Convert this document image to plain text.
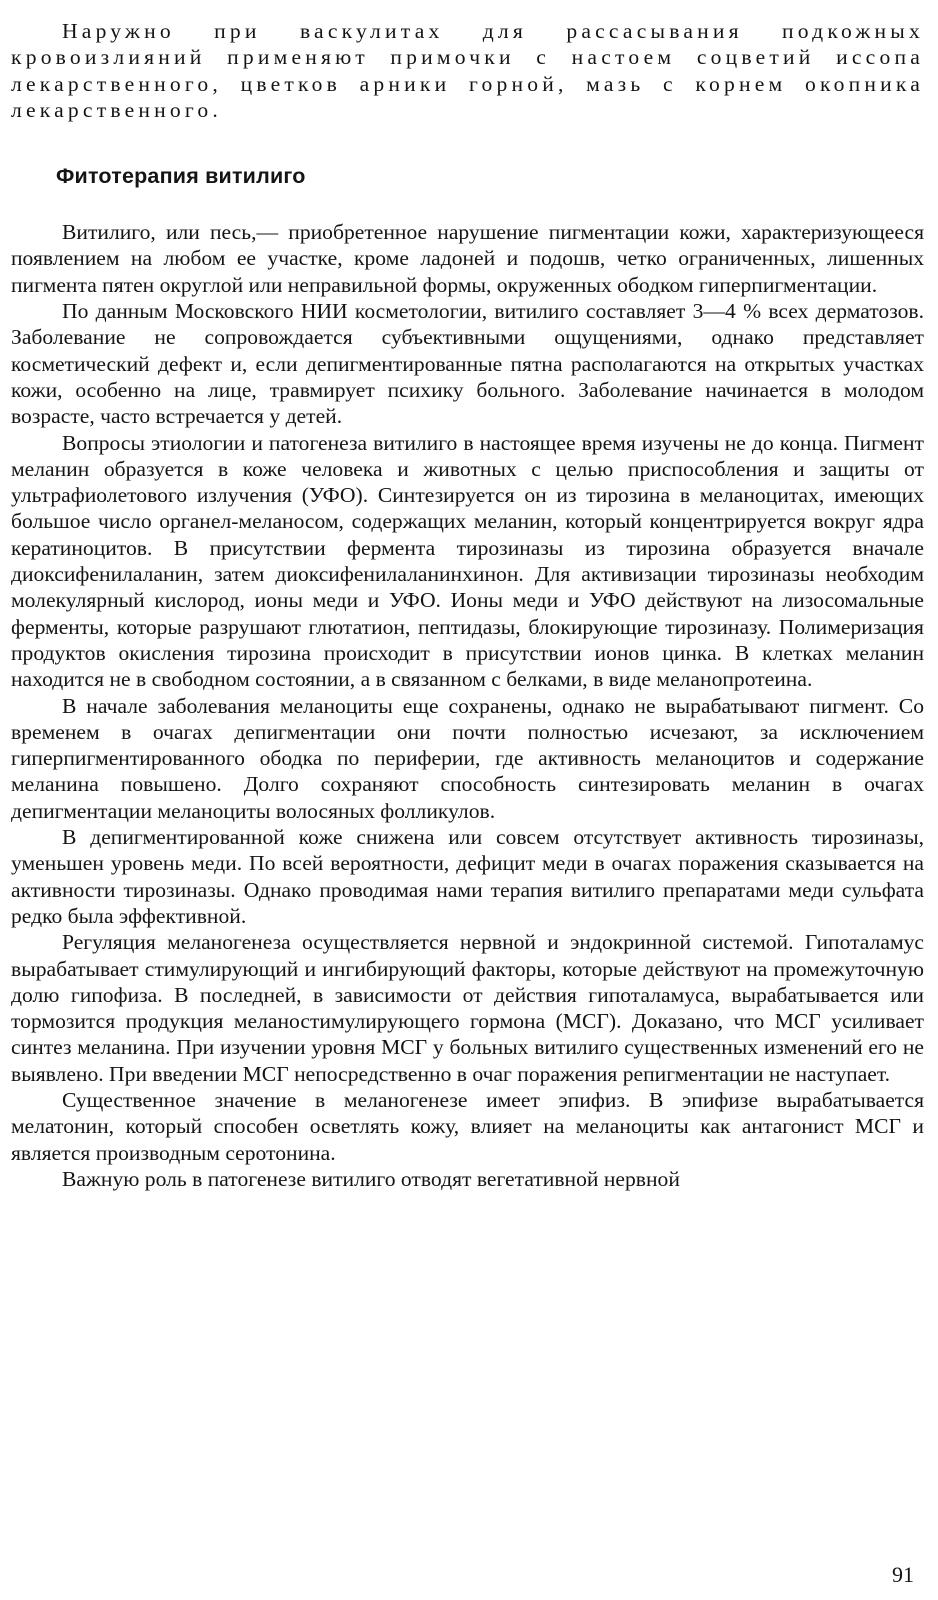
Наружно при васкулитах для рассасывания подкожных кровоизлияний применяют примочки с настоем соцветий иссопа лекарственного, цветков арники горной, мазь с корнем окопника лекарственного.

Фитотерапия витилиго

Витилиго, или песь,— приобретенное нарушение пигментации кожи, характеризующееся появлением на любом ее участке, кроме ладоней и подошв, четко ограниченных, лишенных пигмента пятен округлой или неправильной формы, окруженных ободком гиперпигментации.

По данным Московского НИИ косметологии, витилиго составляет 3—4 % всех дерматозов. Заболевание не сопровождается субъективными ощущениями, однако представляет косметический дефект и, если депигментированные пятна располагаются на открытых участках кожи, особенно на лице, травмирует психику больного. Заболевание начинается в молодом возрасте, часто встречается у детей.

Вопросы этиологии и патогенеза витилиго в настоящее время изучены не до конца. Пигмент меланин образуется в коже человека и животных с целью приспособления и защиты от ультрафиолетового излучения (УФО). Синтезируется он из тирозина в меланоцитах, имеющих большое число органел-меланосом, содержащих меланин, который концентрируется вокруг ядра кератиноцитов. В присутствии фермента тирозиназы из тирозина образуется вначале диоксифенилаланин, затем диоксифенилаланинхинон. Для активизации тирозиназы необходим молекулярный кислород, ионы меди и УФО. Ионы меди и УФО действуют на лизосомальные ферменты, которые разрушают глютатион, пептидазы, блокирующие тирозиназу. Полимеризация продуктов окисления тирозина происходит в присутствии ионов цинка. В клетках меланин находится не в свободном состоянии, а в связанном с белками, в виде меланопротеина.

В начале заболевания меланоциты еще сохранены, однако не вырабатывают пигмент. Со временем в очагах депигментации они почти полностью исчезают, за исключением гиперпигментированного ободка по периферии, где активность меланоцитов и содержание меланина повышено. Долго сохраняют способность синтезировать меланин в очагах депигментации меланоциты волосяных фолликулов.

В депигментированной коже снижена или совсем отсутствует активность тирозиназы, уменьшен уровень меди. По всей вероятности, дефицит меди в очагах поражения сказывается на активности тирозиназы. Однако проводимая нами терапия витилиго препаратами меди сульфата редко была эффективной.

Регуляция меланогенеза осуществляется нервной и эндокринной системой. Гипоталамус вырабатывает стимулирующий и ингибирующий факторы, которые действуют на промежуточную долю гипофиза. В последней, в зависимости от действия гипоталамуса, вырабатывается или тормозится продукция меланостимулирующего гормона (МСГ). Доказано, что МСГ усиливает синтез меланина. При изучении уровня МСГ у больных витилиго существенных изменений его не выявлено. При введении МСГ непосредственно в очаг поражения репигментации не наступает.

Существенное значение в меланогенезе имеет эпифиз. В эпифизе вырабатывается мелатонин, который способен осветлять кожу, влияет на меланоциты как антагонист МСГ и является производным серотонина.

Важную роль в патогенезе витилиго отводят вегетативной нервной

91
